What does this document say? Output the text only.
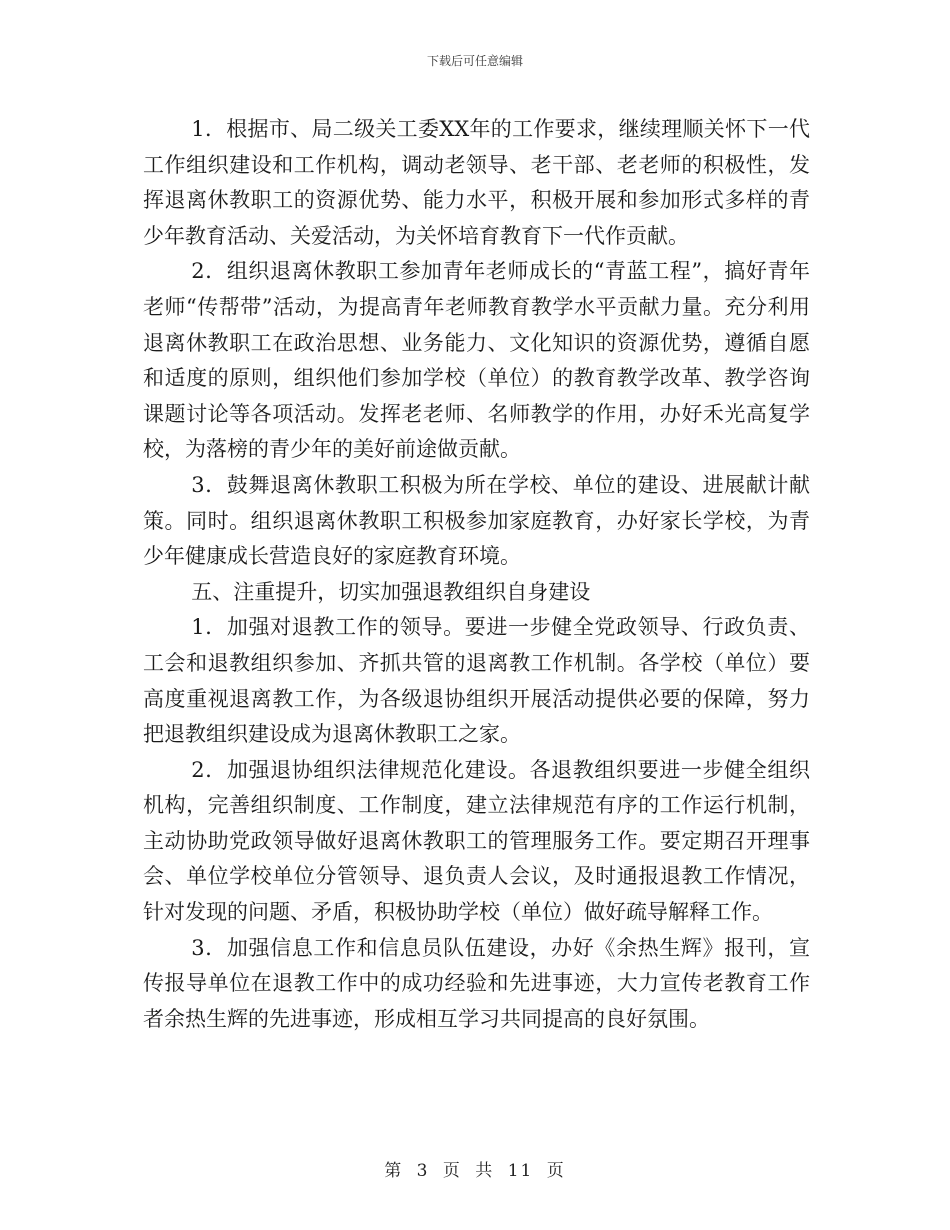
下载后可任意编辑

1．根据市、局二级关工委XX年的工作要求，继续理顺关怀下一代工作组织建设和工作机构，调动老领导、老干部、老老师的积极性，发挥退离休教职工的资源优势、能力水平，积极开展和参加形式多样的青少年教育活动、关爱活动，为关怀培育教育下一代作贡献。

2．组织退离休教职工参加青年老师成长的“青蓝工程”，搞好青年老师“传帮带”活动，为提高青年老师教育教学水平贡献力量。充分利用退离休教职工在政治思想、业务能力、文化知识的资源优势，遵循自愿和适度的原则，组织他们参加学校（单位）的教育教学改革、教学咨询课题讨论等各项活动。发挥老老师、名师教学的作用，办好禾光高复学校，为落榜的青少年的美好前途做贡献。

3．鼓舞退离休教职工积极为所在学校、单位的建设、进展献计献策。同时。组织退离休教职工积极参加家庭教育，办好家长学校，为青少年健康成长营造良好的家庭教育环境。

五、注重提升，切实加强退教组织自身建设

1．加强对退教工作的领导。要进一步健全党政领导、行政负责、工会和退教组织参加、齐抓共管的退离教工作机制。各学校（单位）要高度重视退离教工作，为各级退协组织开展活动提供必要的保障，努力把退教组织建设成为退离休教职工之家。

2．加强退协组织法律规范化建设。各退教组织要进一步健全组织机构，完善组织制度、工作制度，建立法律规范有序的工作运行机制，主动协助党政领导做好退离休教职工的管理服务工作。要定期召开理事会、单位学校单位分管领导、退负责人会议，及时通报退教工作情况，针对发现的问题、矛盾，积极协助学校（单位）做好疏导解释工作。

3．加强信息工作和信息员队伍建设，办好《余热生辉》报刊，宣传报导单位在退教工作中的成功经验和先进事迹，大力宣传老教育工作者余热生辉的先进事迹，形成相互学习共同提高的良好氛围。

第 3 页 共 11 页
